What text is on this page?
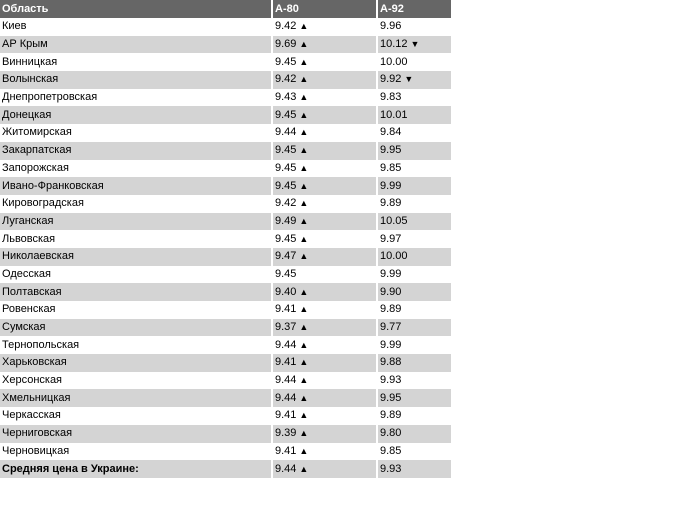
Область	А-80	А-92
Киев	9.42 ▲	9.96
АР Крым	9.69 ▲	10.12 ▼
Винницкая	9.45 ▲	10.00
Волынская	9.42 ▲	9.92 ▼
Днепропетровская	9.43 ▲	9.83
Донецкая	9.45 ▲	10.01
Житомирская	9.44 ▲	9.84
Закарпатская	9.45 ▲	9.95
Запорожская	9.45 ▲	9.85
Ивано-Франковская	9.45 ▲	9.99
Кировоградская	9.42 ▲	9.89
Луганская	9.49 ▲	10.05
Львовская	9.45 ▲	9.97
Николаевская	9.47 ▲	10.00
Одесская	9.45	9.99
Полтавская	9.40 ▲	9.90
Ровенская	9.41 ▲	9.89
Сумская	9.37 ▲	9.77
Тернопольская	9.44 ▲	9.99
Харьковская	9.41 ▲	9.88
Херсонская	9.44 ▲	9.93
Хмельницкая	9.44 ▲	9.95
Черкасская	9.41 ▲	9.89
Черниговская	9.39 ▲	9.80
Черновицкая	9.41 ▲	9.85
Средняя цена в Украине:	9.44 ▲	9.93
